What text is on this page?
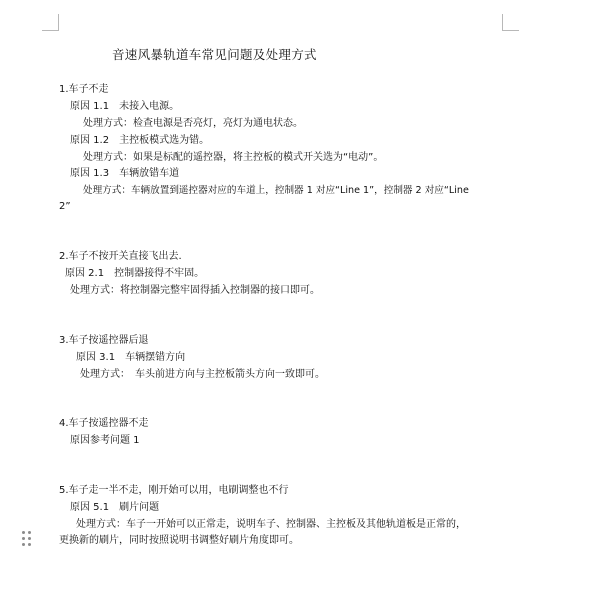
音速风暴轨道车常见问题及处理方式
1.车子不走
原因 1.1　未接入电源。
处理方式：检查电源是否亮灯，亮灯为通电状态。
原因 1.2　主控板模式选为错。
处理方式：如果是标配的遥控器，将主控板的模式开关选为“电动”。
原因 1.3　车辆放错车道
处理方式：车辆放置到遥控器对应的车道上，控制器 1 对应“Line 1”，控制器 2 对应“Line
2”
2.车子不按开关直接飞出去.
原因 2.1　控制器接得不牢固。
处理方式：将控制器完整牢固得插入控制器的接口即可。
3.车子按遥控器后退
原因 3.1　车辆摆错方向
处理方式：　车头前进方向与主控板箭头方向一致即可。
4.车子按遥控器不走
原因参考问题 1
5.车子走一半不走，刚开始可以用，电刷调整也不行
原因 5.1　刷片问题
处理方式：车子一开始可以正常走，说明车子、控制器、主控板及其他轨道板是正常的，
更换新的刷片，同时按照说明书调整好刷片角度即可。
